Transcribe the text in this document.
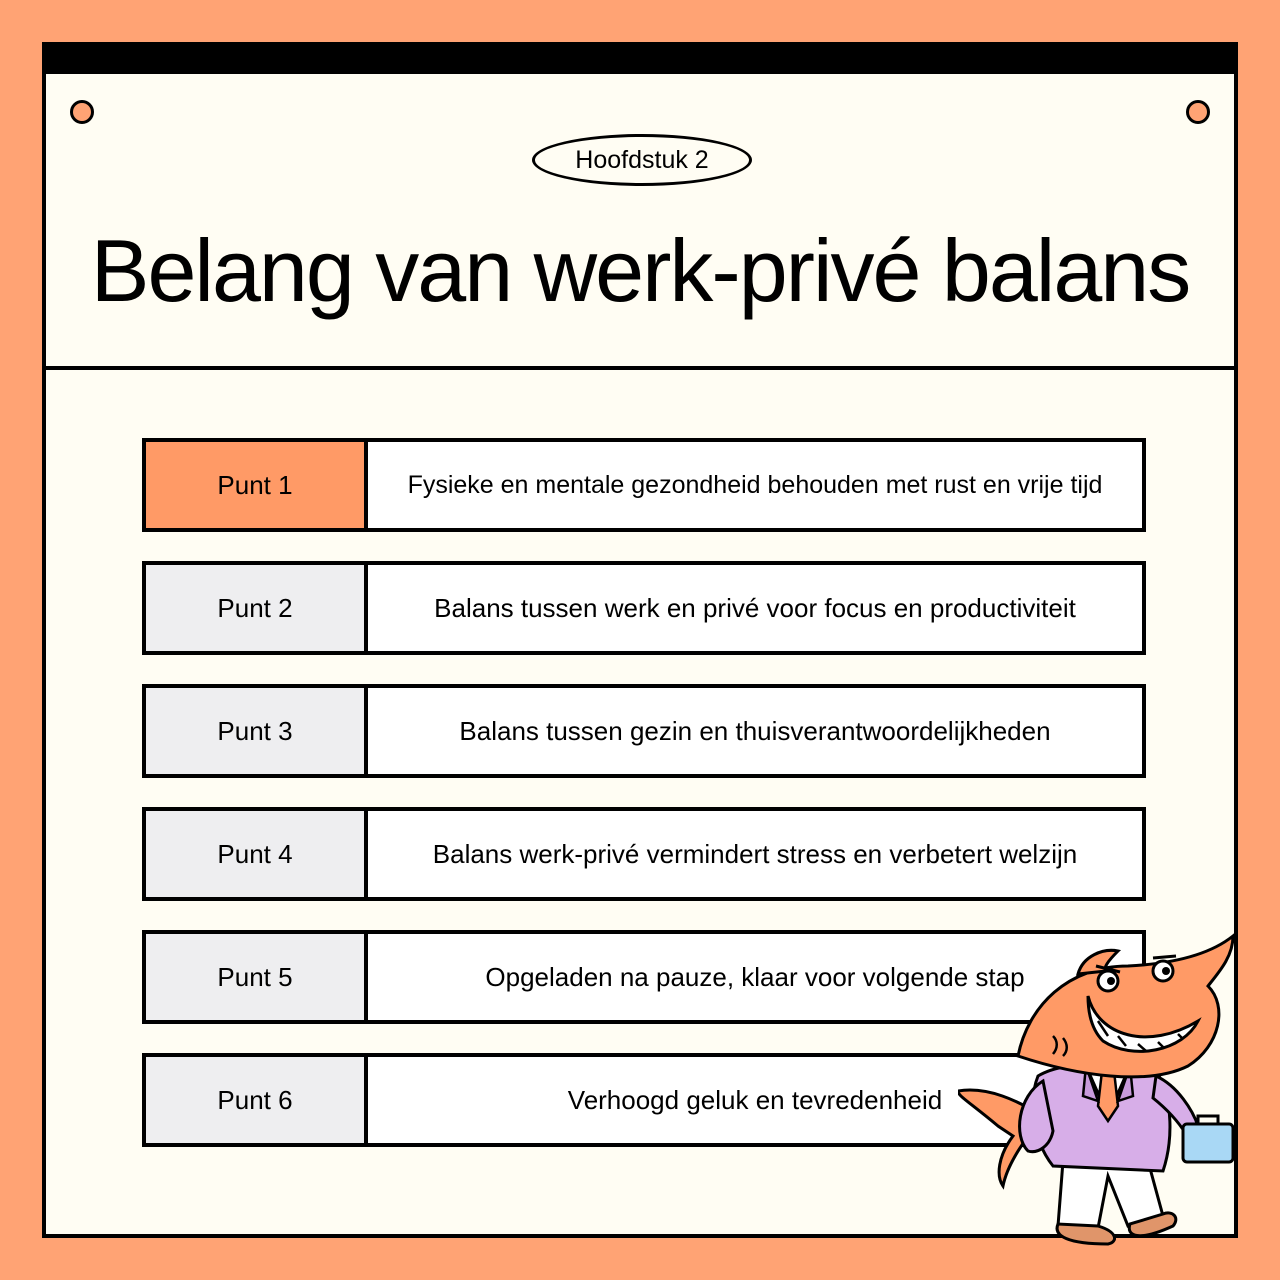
Hoofdstuk 2
Belang van werk-privé balans
Punt 1	Fysieke en mentale gezondheid behouden met rust en vrije tijd
Punt 2	Balans tussen werk en privé voor focus en productiviteit
Punt 3	Balans tussen gezin en thuisverantwoordelijkheden
Punt 4	Balans werk-privé vermindert stress en verbetert welzijn
Punt 5	Opgeladen na pauze, klaar voor volgende stap
Punt 6	Verhoogd geluk en tevredenheid
